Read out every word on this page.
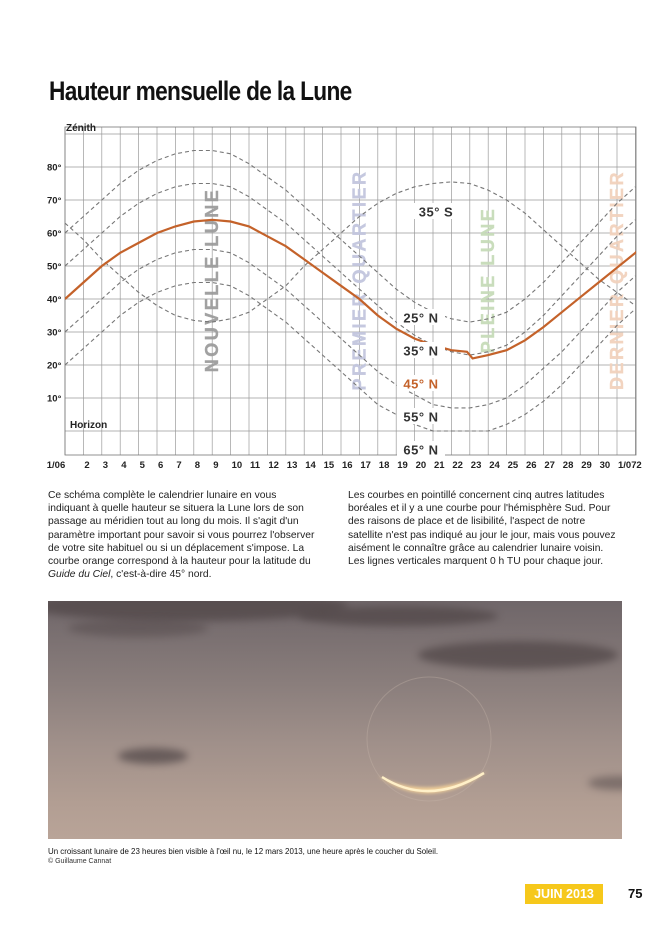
Hauteur mensuelle de la Lune
NOUVELLE LUNE	PREMIER QUARTIER	PLEINE LUNE	DERNIER QUARTIER
35° S
25° N
35° N
45° N
55° N
65° N
10°
20°
30°
40°
50°
60°
70°
80°
Zénith
Horizon
1/06 2 3 4 5 6 7 8 9 10 11 12 13 14 15 16 17 18 19 20 21 22 23 24 25 26 27 28 29 30 1/07 2

Ce schéma complète le calendrier lunaire en vous indiquant à quelle hauteur se situera la Lune lors de son passage au méridien tout au long du mois. Il s'agit d'un paramètre important pour savoir si vous pourrez l'observer de votre site habituel ou si un déplacement s'impose. La courbe orange correspond à la hauteur pour la latitude du Guide du Ciel, c'est-à-dire 45° nord.

Les courbes en pointillé concernent cinq autres latitudes boréales et il y a une courbe pour l'hémisphère Sud. Pour des raisons de place et de lisibilité, l'aspect de notre satellite n'est pas indiqué au jour le jour, mais vous pouvez aisément le connaître grâce au calendrier lunaire voisin. Les lignes verticales marquent 0 h TU pour chaque jour.

Un croissant lunaire de 23 heures bien visible à l'œil nu, le 12 mars 2013, une heure après le coucher du Soleil.
© Guillaume Cannat
JUIN 2013	75
